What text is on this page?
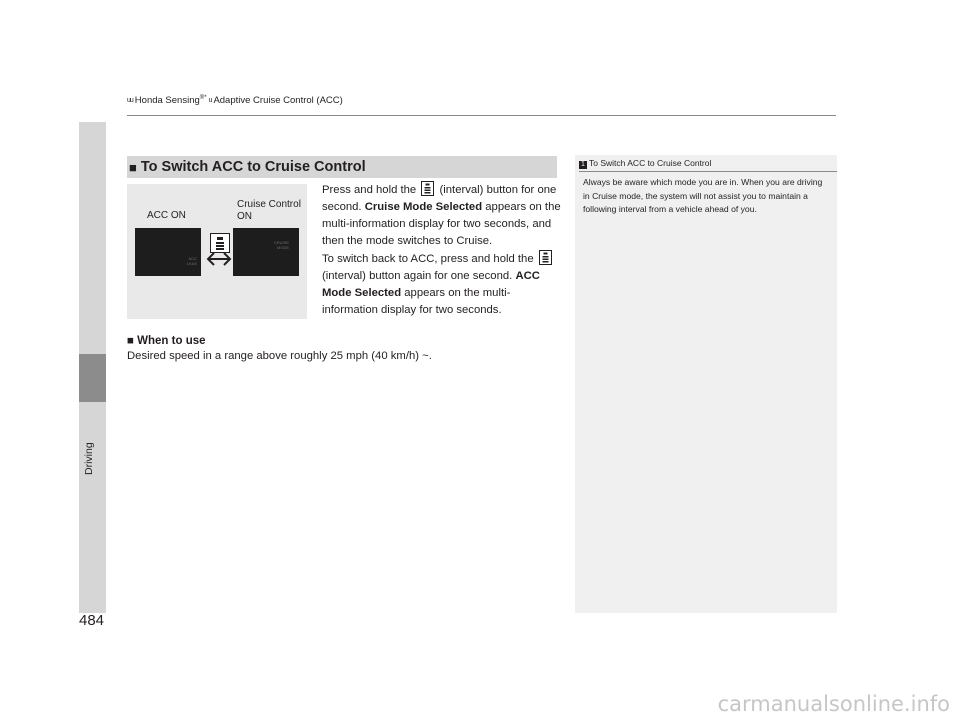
uu Honda Sensing®* u Adaptive Cruise Control (ACC)
Driving
484
■ To Switch ACC to Cruise Control
ACC ON
Cruise Control ON
ACC
LKAS
CRUISE
MODE
Press and hold the (interval) button for one second. Cruise Mode Selected appears on the multi-information display for two seconds, and then the mode switches to Cruise.
To switch back to ACC, press and hold the
(interval) button again for one second. ACC Mode Selected appears on the multi-information display for two seconds.
■ When to use
Desired speed in a range above roughly 25 mph (40 km/h) ~.
1 To Switch ACC to Cruise Control
Always be aware which mode you are in. When you are driving in Cruise mode, the system will not assist you to maintain a following interval from a vehicle ahead of you.
carmanualsonline.info
